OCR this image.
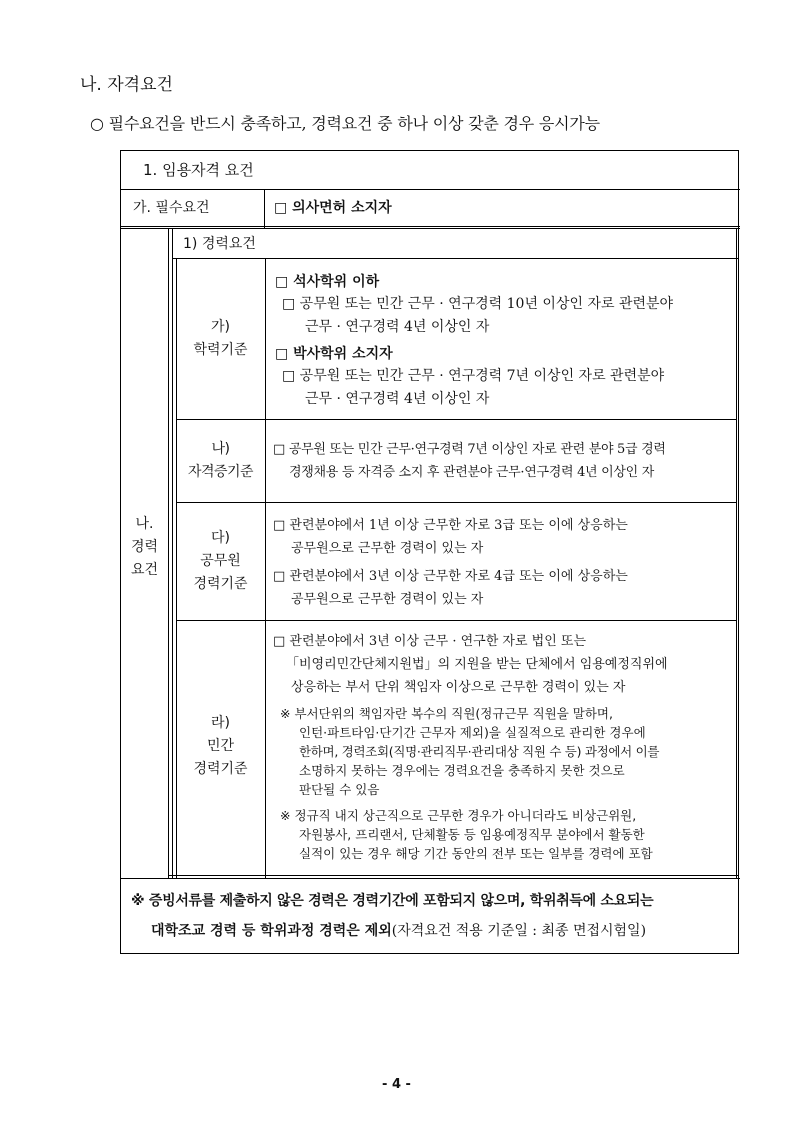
나. 자격요건
○ 필수요건을 반드시 충족하고, 경력요건 중 하나 이상 갖춘 경우 응시가능
1. 임용자격 요건
가. 필수요건	□ 의사면허 소지자
나.
경력
요건
1) 경력요건
가)
학력기준
□ 석사학위 이하
□ 공무원 또는 민간 근무 · 연구경력 10년 이상인 자로 관련분야
근무 · 연구경력 4년 이상인 자
□ 박사학위 소지자
□ 공무원 또는 민간 근무 · 연구경력 7년 이상인 자로 관련분야
근무 · 연구경력 4년 이상인 자
나)
자격증기준
□ 공무원 또는 민간 근무·연구경력 7년 이상인 자로 관련 분야 5급 경력
경쟁채용 등 자격증 소지 후 관련분야 근무·연구경력 4년 이상인 자
다)
공무원
경력기준
□ 관련분야에서 1년 이상 근무한 자로 3급 또는 이에 상응하는
공무원으로 근무한 경력이 있는 자
□ 관련분야에서 3년 이상 근무한 자로 4급 또는 이에 상응하는
공무원으로 근무한 경력이 있는 자
라)
민간
경력기준
□ 관련분야에서 3년 이상 근무 · 연구한 자로 법인 또는
「비영리민간단체지원법」의 지원을 받는 단체에서 임용예정직위에
상응하는 부서 단위 책임자 이상으로 근무한 경력이 있는 자
※ 부서단위의 책임자란 복수의 직원(정규근무 직원을 말하며,
인턴·파트타임·단기간 근무자 제외)을 실질적으로 관리한 경우에
한하며, 경력조회(직명·관리직무·관리대상 직원 수 등) 과정에서 이를
소명하지 못하는 경우에는 경력요건을 충족하지 못한 것으로
판단될 수 있음
※ 정규직 내지 상근직으로 근무한 경우가 아니더라도 비상근위원,
자원봉사, 프리랜서, 단체활동 등 임용예정직무 분야에서 활동한
실적이 있는 경우 해당 기간 동안의 전부 또는 일부를 경력에 포함
※ 증빙서류를 제출하지 않은 경력은 경력기간에 포함되지 않으며, 학위취득에 소요되는
대학조교 경력 등 학위과정 경력은 제외(자격요건 적용 기준일 : 최종 면접시험일)
- 4 -
